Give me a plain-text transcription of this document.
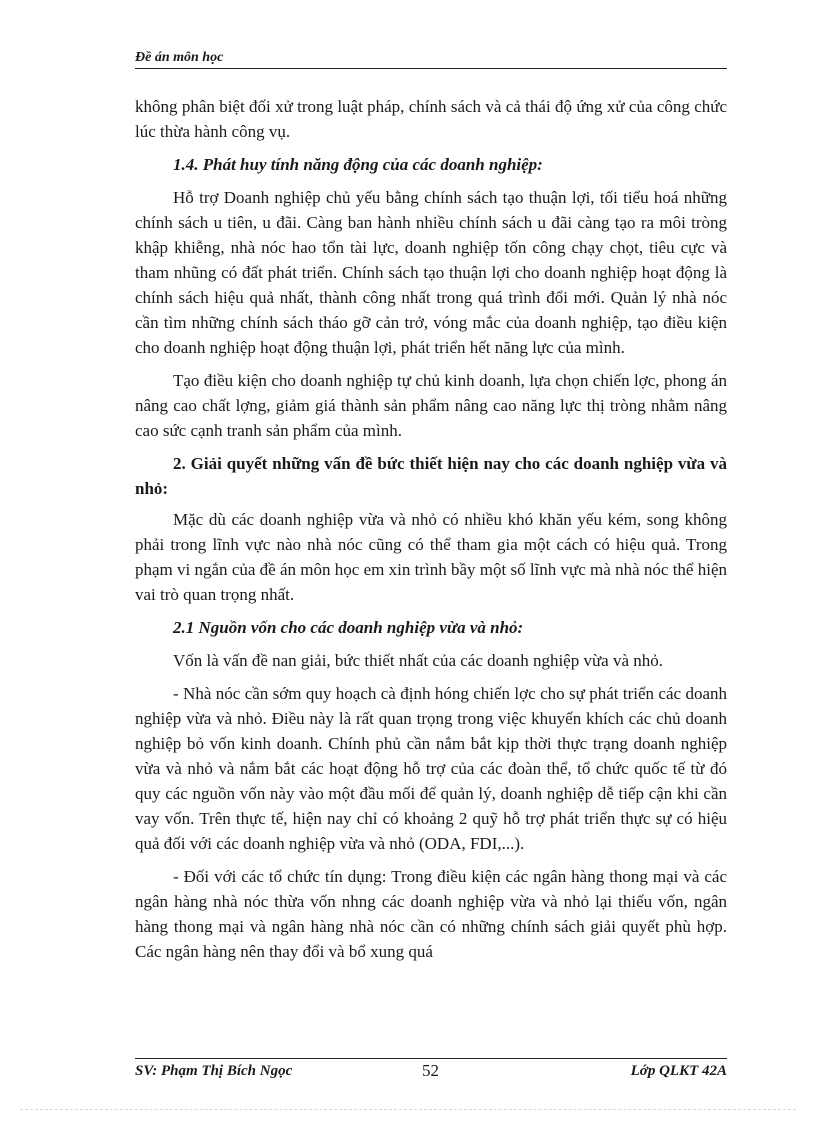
Đề án môn học

không phân biệt đối xử trong luật pháp, chính sách và cả thái độ ứng xử của công chức lúc thừa hành công vụ.

1.4. Phát huy tính năng động của các doanh nghiệp:

Hỗ trợ Doanh nghiệp chủ yếu bằng chính sách tạo thuận lợi, tối tiểu hoá những chính sách u tiên, u đãi. Càng ban hành nhiều chính sách u đãi càng tạo ra môi tròng khập khiễng, nhà nóc hao tổn tài lực, doanh nghiệp tốn công chạy chọt, tiêu cực và tham nhũng có đất phát triển. Chính sách tạo thuận lợi cho doanh nghiệp hoạt động là chính sách hiệu quả nhất, thành công nhất trong quá trình đổi mới. Quản lý nhà nóc cần tìm những chính sách tháo gỡ cản trở, vóng mắc của doanh nghiệp, tạo điều kiện cho doanh nghiệp hoạt động thuận lợi, phát triển hết năng lực của mình.

Tạo điều kiện cho doanh nghiệp tự chủ kinh doanh, lựa chọn chiến lợc, phong án nâng cao chất lợng, giảm giá thành sản phẩm nâng cao năng lực thị tròng nhằm nâng cao sức cạnh tranh sản phẩm của mình.

2. Giải quyết những vấn đề bức thiết hiện nay cho các doanh nghiệp vừa và nhỏ:

Mặc dù các doanh nghiệp vừa và nhỏ có nhiều khó khăn yếu kém, song không phải trong lĩnh vực nào nhà nóc cũng có thể tham gia một cách có hiệu quả. Trong phạm vi ngắn của đề án môn học em xin trình bầy một số lĩnh vực mà nhà nóc thể hiện vai trò quan trọng nhất.

2.1 Nguồn vốn cho các doanh nghiệp vừa và nhỏ:

Vốn là vấn đề nan giải, bức thiết nhất của các doanh nghiệp vừa và nhỏ.

- Nhà nóc cần sớm quy hoạch cà định hóng chiến lợc cho sự phát triển các doanh nghiệp vừa và nhỏ. Điều này là rất quan trọng trong việc khuyến khích các chủ doanh nghiệp bỏ vốn kinh doanh. Chính phủ cần nắm bắt kịp thời thực trạng doanh nghiệp vừa và nhỏ và nắm bắt các hoạt động hỗ trợ của các đoàn thể, tổ chức quốc tế từ đó quy các nguồn vốn này vào một đầu mối để quản lý, doanh nghiệp dễ tiếp cận khi cần vay vốn. Trên thực tế, hiện nay chỉ có khoảng 2 quỹ hỗ trợ phát triển thực sự có hiệu quả đối với các doanh nghiệp vừa và nhỏ (ODA, FDI,...).

- Đối với các tổ chức tín dụng: Trong điều kiện các ngân hàng thong mại và các ngân hàng nhà nóc thừa vốn nhng các doanh nghiệp vừa và nhỏ lại thiếu vốn, ngân hàng thong mại và ngân hàng nhà nóc cần có những chính sách giải quyết phù hợp. Các ngân hàng nên thay đổi và bổ xung quá

SV: Phạm Thị Bích Ngọc	52	Lớp QLKT 42A
